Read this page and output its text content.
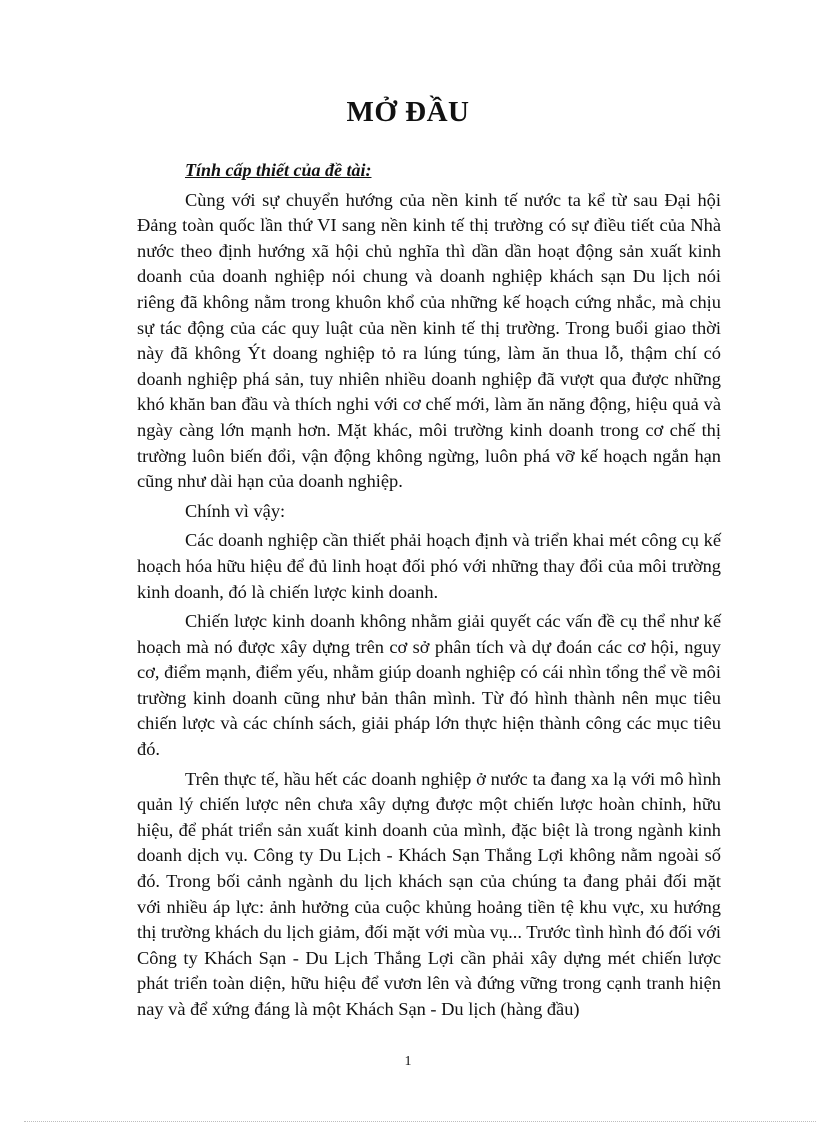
MỞ ĐẦU

Tính cấp thiết của đề tài:

Cùng với sự chuyển hướng của nền kinh tế nước ta kể từ sau Đại hội Đảng toàn quốc lần thứ VI sang nền kinh tế thị trường có sự điều tiết của Nhà nước theo định hướng xã hội chủ nghĩa thì dần dần hoạt động sản xuất kinh doanh của doanh nghiệp nói chung và doanh nghiệp khách sạn Du lịch nói riêng đã không nằm trong khuôn khổ của những kế hoạch cứng nhắc, mà chịu sự tác động của các quy luật của nền kinh tế thị trường. Trong buổi giao thời này đã không Ýt doang nghiệp tỏ ra lúng túng, làm ăn thua lỗ, thậm chí có doanh nghiệp phá sản, tuy nhiên nhiều doanh nghiệp đã vượt qua được những khó khăn ban đầu và thích nghi với cơ chế mới, làm ăn năng động, hiệu quả và ngày càng lớn mạnh hơn. Mặt khác, môi trường kinh doanh trong cơ chế thị trường luôn biến đổi, vận động không ngừng, luôn phá vỡ kế hoạch ngắn hạn cũng như dài hạn của doanh nghiệp.

Chính vì vậy:

Các doanh nghiệp cần thiết phải hoạch định và triển khai mét công cụ kế hoạch hóa hữu hiệu để đủ linh hoạt đối phó với những thay đổi của môi trường kinh doanh, đó là chiến lược kinh doanh.

Chiến lược kinh doanh không nhằm giải quyết các vấn đề cụ thể như kế hoạch mà nó được xây dựng trên cơ sở phân tích và dự đoán các cơ hội, nguy cơ, điểm mạnh, điểm yếu, nhằm giúp doanh nghiệp có cái nhìn tổng thể về môi trường kinh doanh cũng như bản thân mình. Từ đó hình thành nên mục tiêu chiến lược và các chính sách, giải pháp lớn thực hiện thành công các mục tiêu đó.

Trên thực tế, hầu hết các doanh nghiệp ở nước ta đang xa lạ với mô hình quản lý chiến lược nên chưa xây dựng được một chiến lược hoàn chỉnh, hữu hiệu, để phát triển sản xuất kinh doanh của mình, đặc biệt là trong ngành kinh doanh dịch vụ. Công ty Du Lịch - Khách Sạn Thắng Lợi không nằm ngoài số đó. Trong bối cảnh ngành du lịch khách sạn của chúng ta đang phải đối mặt với nhiều áp lực: ảnh hưởng của cuộc khủng hoảng tiền tệ khu vực, xu hướng thị trường khách du lịch giảm, đối mặt với mùa vụ... Trước tình hình đó đối với Công ty Khách Sạn - Du Lịch Thắng Lợi cần phải xây dựng mét chiến lược phát triển toàn diện, hữu hiệu để vươn lên và đứng vững trong cạnh tranh hiện nay và để xứng đáng là một Khách Sạn - Du lịch (hàng đầu)

1
